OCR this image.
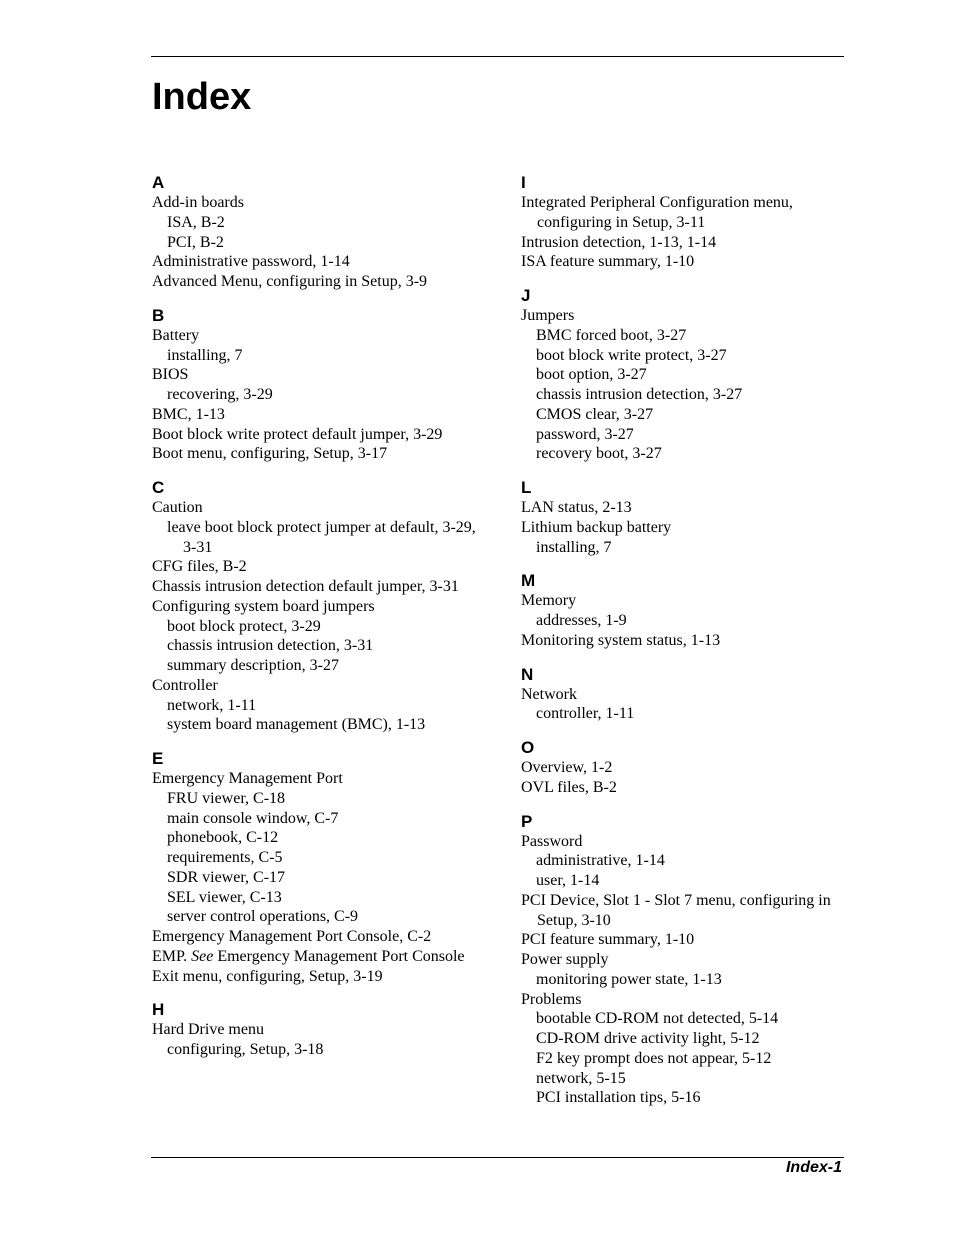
Index
A
Add-in boards
ISA, B-2
PCI, B-2
Administrative password, 1-14
Advanced Menu, configuring in Setup, 3-9
B
Battery
installing, 7
BIOS
recovering, 3-29
BMC, 1-13
Boot block write protect default jumper, 3-29
Boot menu, configuring, Setup, 3-17
C
Caution
leave boot block protect jumper at default, 3-29, 3-31
CFG files, B-2
Chassis intrusion detection default jumper, 3-31
Configuring system board jumpers
boot block protect, 3-29
chassis intrusion detection, 3-31
summary description, 3-27
Controller
network, 1-11
system board management (BMC), 1-13
E
Emergency Management Port
FRU viewer, C-18
main console window, C-7
phonebook, C-12
requirements, C-5
SDR viewer, C-17
SEL viewer, C-13
server control operations, C-9
Emergency Management Port Console, C-2
EMP. See Emergency Management Port Console
Exit menu, configuring, Setup, 3-19
H
Hard Drive menu
configuring, Setup, 3-18
I
Integrated Peripheral Configuration menu, configuring in Setup, 3-11
Intrusion detection, 1-13, 1-14
ISA feature summary, 1-10
J
Jumpers
BMC forced boot, 3-27
boot block write protect, 3-27
boot option, 3-27
chassis intrusion detection, 3-27
CMOS clear, 3-27
password, 3-27
recovery boot, 3-27
L
LAN status, 2-13
Lithium backup battery
installing, 7
M
Memory
addresses, 1-9
Monitoring system status, 1-13
N
Network
controller, 1-11
O
Overview, 1-2
OVL files, B-2
P
Password
administrative, 1-14
user, 1-14
PCI Device, Slot 1 - Slot 7 menu, configuring in Setup, 3-10
PCI feature summary, 1-10
Power supply
monitoring power state, 1-13
Problems
bootable CD-ROM not detected, 5-14
CD-ROM drive activity light, 5-12
F2 key prompt does not appear, 5-12
network, 5-15
PCI installation tips, 5-16
Index-1
